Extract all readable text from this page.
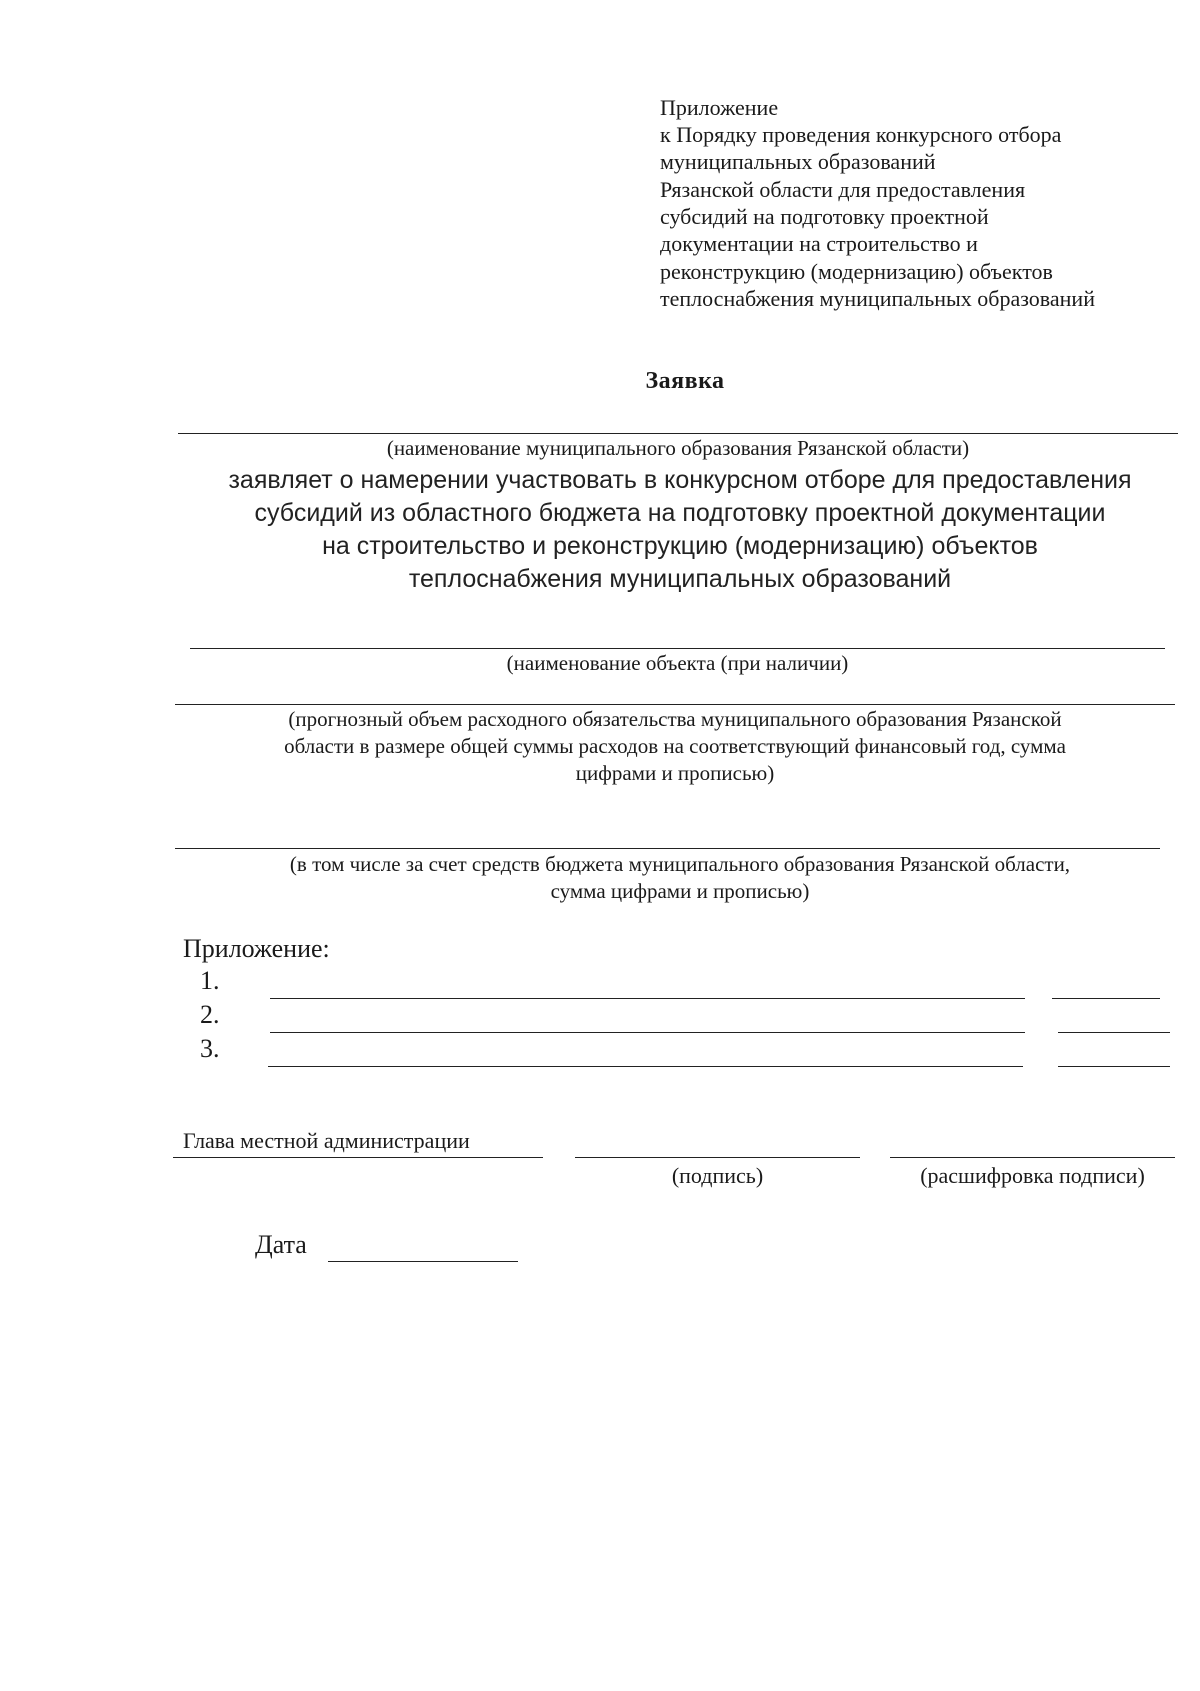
Приложение
к Порядку проведения конкурсного отбора
муниципальных образований
Рязанской области для предоставления
субсидий на подготовку проектной
документации на строительство и
реконструкцию (модернизацию) объектов
теплоснабжения муниципальных образований
Заявка
(наименование муниципального образования Рязанской области)
заявляет о намерении участвовать в конкурсном отборе для предоставления
субсидий из областного бюджета на подготовку проектной документации
на строительство и реконструкцию (модернизацию) объектов
теплоснабжения муниципальных образований
(наименование объекта (при наличии)
(прогнозный объем расходного обязательства муниципального образования Рязанской
области в размере общей суммы расходов на соответствующий финансовый год, сумма
цифрами и прописью)
(в том числе за счет средств бюджета муниципального образования Рязанской области,
сумма цифрами и прописью)
Приложение:
1.
2.
3.
Глава местной администрации
(подпись)	(расшифровка подписи)
Дата
